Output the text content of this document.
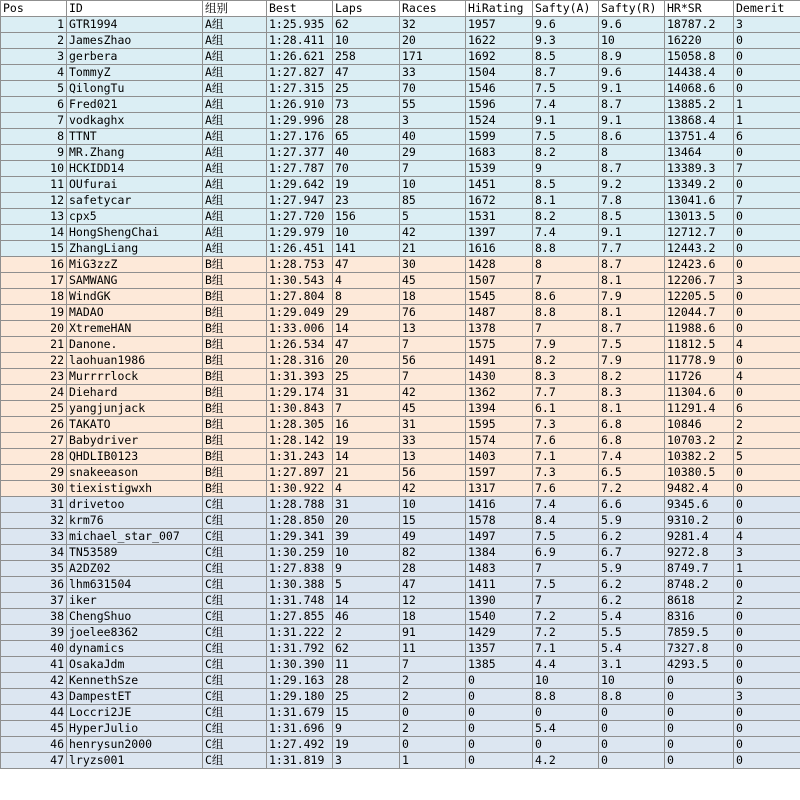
Pos	ID	组别	Best	Laps	Races	HiRating	Safty(A)	Safty(R)	HR*SR	Demerit
1	GTR1994	A组	1:25.935	62	32	1957	9.6	9.6	18787.2	3
2	JamesZhao	A组	1:28.411	10	20	1622	9.3	10	16220	0
3	gerbera	A组	1:26.621	258	171	1692	8.5	8.9	15058.8	0
4	TommyZ	A组	1:27.827	47	33	1504	8.7	9.6	14438.4	0
5	QilongTu	A组	1:27.315	25	70	1546	7.5	9.1	14068.6	0
6	Fred021	A组	1:26.910	73	55	1596	7.4	8.7	13885.2	1
7	vodkaghx	A组	1:29.996	28	3	1524	9.1	9.1	13868.4	1
8	TTNT	A组	1:27.176	65	40	1599	7.5	8.6	13751.4	6
9	MR.Zhang	A组	1:27.377	40	29	1683	8.2	8	13464	0
10	HCKIDD14	A组	1:27.787	70	7	1539	9	8.7	13389.3	7
11	OUfurai	A组	1:29.642	19	10	1451	8.5	9.2	13349.2	0
12	safetycar	A组	1:27.947	23	85	1672	8.1	7.8	13041.6	7
13	cpx5	A组	1:27.720	156	5	1531	8.2	8.5	13013.5	0
14	HongShengChai	A组	1:29.979	10	42	1397	7.4	9.1	12712.7	0
15	ZhangLiang	A组	1:26.451	141	21	1616	8.8	7.7	12443.2	0
16	MiG3zzZ	B组	1:28.753	47	30	1428	8	8.7	12423.6	0
17	SAMWANG	B组	1:30.543	4	45	1507	7	8.1	12206.7	3
18	WindGK	B组	1:27.804	8	18	1545	8.6	7.9	12205.5	0
19	MADAO	B组	1:29.049	29	76	1487	8.8	8.1	12044.7	0
20	XtremeHAN	B组	1:33.006	14	13	1378	7	8.7	11988.6	0
21	Danone.	B组	1:26.534	47	7	1575	7.9	7.5	11812.5	4
22	laohuan1986	B组	1:28.316	20	56	1491	8.2	7.9	11778.9	0
23	Murrrrlock	B组	1:31.393	25	7	1430	8.3	8.2	11726	4
24	Diehard	B组	1:29.174	31	42	1362	7.7	8.3	11304.6	0
25	yangjunjack	B组	1:30.843	7	45	1394	6.1	8.1	11291.4	6
26	TAKATO	B组	1:28.305	16	31	1595	7.3	6.8	10846	2
27	Babydriver	B组	1:28.142	19	33	1574	7.6	6.8	10703.2	2
28	QHDLIB0123	B组	1:31.243	14	13	1403	7.1	7.4	10382.2	5
29	snakeeason	B组	1:27.897	21	56	1597	7.3	6.5	10380.5	0
30	tiexistigwxh	B组	1:30.922	4	42	1317	7.6	7.2	9482.4	0
31	drivetoo	C组	1:28.788	31	10	1416	7.4	6.6	9345.6	0
32	krm76	C组	1:28.850	20	15	1578	8.4	5.9	9310.2	0
33	michael_star_007	C组	1:29.341	39	49	1497	7.5	6.2	9281.4	4
34	TN53589	C组	1:30.259	10	82	1384	6.9	6.7	9272.8	3
35	A2DZ02	C组	1:27.838	9	28	1483	7	5.9	8749.7	1
36	lhm631504	C组	1:30.388	5	47	1411	7.5	6.2	8748.2	0
37	iker	C组	1:31.748	14	12	1390	7	6.2	8618	2
38	ChengShuo	C组	1:27.855	46	18	1540	7.2	5.4	8316	0
39	joelee8362	C组	1:31.222	2	91	1429	7.2	5.5	7859.5	0
40	dynamics	C组	1:31.792	62	11	1357	7.1	5.4	7327.8	0
41	OsakaJdm	C组	1:30.390	11	7	1385	4.4	3.1	4293.5	0
42	KennethSze	C组	1:29.163	28	2	0	10	10	0	0
43	DampestET	C组	1:29.180	25	2	0	8.8	8.8	0	3
44	Loccri2JE	C组	1:31.679	15	0	0	0	0	0	0
45	HyperJulio	C组	1:31.696	9	2	0	5.4	0	0	0
46	henrysun2000	C组	1:27.492	19	0	0	0	0	0	0
47	lryzs001	C组	1:31.819	3	1	0	4.2	0	0	0
